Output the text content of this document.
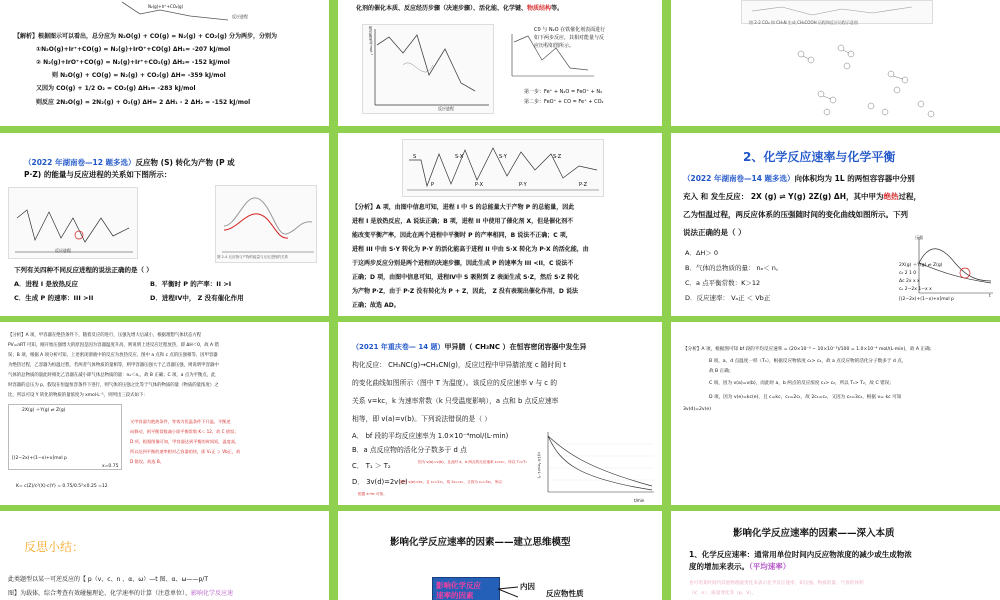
N₂(g)+Ir⁺+CO₂(g)
反应进程
【解析】根据图示可以看出，总分应为 N₂O(g) + CO(g) = N₂(g) + CO₂(g) 分为两步，分别为
①N₂O(g)+Ir⁺+CO(g) = N₂(g)+IrO⁺+CO(g) ΔH₁= -207 kJ/mol
② N₂(g)+IrO⁺+CO(g) = N₂(g)+Ir⁺+CO₂(g) ΔH₂= -152 kJ/mol
则 N₂O(g) + CO(g) = N₂(g) + CO₂(g) ΔH= -359 kJ/mol
又因为 CO(g) + 1/2 O₂ = CO₂(g) ΔH₃= -283 kJ/mol
则反应 2N₂O(g) = 2N₂(g) + O₂(g) ΔH= 2 ΔH₁ - 2 ΔH₂ = -152 kJ/mol
化剂的催化本质、反应经历步骤（决速步骤）、活化能、化学键、物质结构等。
相对能量/kJ·mol⁻¹
反应进程
C0 与 N₂O 在铁催化剂表面进行
如下两步反应，其相对能量与反
应历程如图所示。
第一步：Fe⁺ + N₂O = FeO⁺ + N₂
第二步：FeO⁺ + CO = Fe⁺ + CO₂
图 2-2 CO₂ 和 CH₃N 生成 CH₃COOH 历程和反应历程示意图
（2022 年湖南卷—12 题多选）反应物 (S) 转化为产物 (P 或
P·Z) 的能量与反应进程的关系如下图所示：
反应进程
图 2-4 反应物与产物的能量与反应进程的关系
下列有关四种不同反应进程的说法正确的是（ ）
A．进程 I 是放热反应	B．平衡时 P 的产率：II >I
C．生成 P 的速率：III >II	D．进程IV中， Z 没有催化作用
S
P
S·X
P·X
S·Y
P·Y
S·Z
P·Z
【分析】A 项，由图中信息可知，进程 I 中 S 的总能量大于产物 P 的总能量，因此
进程 I 是放热反应，A 说法正确；B 项，进程 II 中使用了催化剂 X，但是催化剂不
能改变平衡产率，因此在两个进程中平衡时 P 的产率相同，B 说法不正确；C 项，
进程 III 中由 S·Y 转化为 P·Y 的活化能高于进程 II 中由 S·X 转化为 P·X 的活化能，由
于这两步反应分别是两个进程的决速步骤，因此生成 P 的速率为 III <II，C 说法不
正确；D 项，由图中信息可知，进程IV中 S 吸附到 Z 表面生成 S·Z，然后 S·Z 转化
为产物 P·Z，由于 P·Z 没有转化为 P + Z，因此， Z 没有表现出催化作用，D 说法
正确；故选 AD。
2、化学反应速率与化学平衡
（2022 年湖南卷—14 题多选）向体积均为 1L 的两恒容容器中分别
充入 和 发生反应： 2X (g) ⇌ Y(g) 2Z(g) ΔH，其中甲为绝热过程，
乙为恒温过程，两反应体系的压强随时间的变化曲线如图所示。下列
说法正确的是（ ）
A．ΔH＞ 0
B．气体的总物质的量： nₐ＜ n꜀
C．a 点平衡常数：K＞12
D．反应速率： Vₐ正 ＜ Vb正
压强
t
2X(g) ＋Y(g) ⇌ Z(g)
c₀ 2 1 0
Δc 2x x x
cₑ 2−2x 1−x x
[(2−2x)+(1−x)+x]mol p
【分析】A 项，甲容器在绝热条件下，随着反应的进行，压强先增大后减小，根据理想气体状态方程
PV=nRT 可知，刚开始压强增大的原因是因为容器温度升高，则说明上述反应过程放热，即 ΔH＜0，故 A 错
误；B 项，根据 A 项分析可知，上述密闭溶液中的反应为放热反应，图中 a 点和 c 点的压强相等，因甲容器
为绝热过程，乙容器为恒温过程，若两者气体物质的量相等，则甲容器压强大于乙容器压强，则说明甲容器中
气体的总物质的量此时相比乙容器在减小即气体总物质的量：nₐ＜n꜀，故 B 正确；C 项，a 点为平衡点，此
时容器的总压为 p，假设在恒温恒容条件下进行，则气体的压强之比等于气体的物质的量（物质的量浓度）之
比，所以可设 Y 转化的物质的量浓度为 xmol·L⁻¹，则列出三段式如下：
2X(g) ＋Y(g) ⇌ Z(g)
[(2−2x)+(1−x)+x]mol p
x=0.75
K= c(Z)/c²(X)·c(Y) = 0.75/0.5²×0.25 =12
又甲容器为绝热条件，等效为恒温条件下升温，平衡逆
向移动，则平衡常数减小即平衡常数 K＜ 12，故 C 错误；
D 项，根据图像可知，甲容器达到平衡的时间短，温度高，
所以达到平衡的速率相对乙容器的快，即 Vₐ正 ＞ Vb正，故
D 错误。故选 B。
（2021 年重庆卷— 14 题）甲异腈（ CH₃NC ）在恒容密闭容器中发生异
构化反应： CH₃NC(g)→CH₃CN(g)，反应过程中甲异腈浓度 c 随时间 t
的变化曲线如图所示（图中 T 为温度）。该反应的反应速率 v 与 c 的
关系 v=kc，k 为速率常数（k 只受温度影响），a 点和 b 点反应速率
相等，即 v(a)=v(b)。下列说法错误的是（ ）
A． bf 段的平均反应速率为 1.0×10⁻⁴mol/(L·min)
B．a 点反应物的活化分子数多于 d 点
C． T₁ ＞ T₂	因为 v(a)=v(b)，且此时 a，b 两点的反应速率 c₁>c₂，所以 T₁>T₂
D． 3v(d)=2v(e)
因为 v(e)=kc，且 c₂=2c₁，故 2c₂=c₁，又因为 c₂=3c₂，所以
根据 a→b: 可知，
c/(10⁻³mol·L⁻¹)
t/min
【分析】A 项，根据图可知 bf 段的平均反应速率 = (20×10⁻³ − 10×10⁻³)/100 = 1.0×10⁻⁴ mol/(L·min)，故 A 正确；
B 项，a、d 点温度一样（T₁），根据反应物浓度 c₁> c₂，故 a 点反应物的活化分子数多于 d 点，
故 B 正确；
C 项，因为 v(a)=v(b)，而此时 a，b 两点的反应浓度 c₁> c₂，所以 T₁> T₂，故 C 错误；
D 项，因为 v(e)=kc(e)，且 c=kc，c₂=2c₁，故 2c₁=c₂，又因为 c₂=3c₂，根据 v= kc 可知
3v(d)=2v(e)
反思小结：
此类题型以某一可逆反应的【 p（v、c、n 、α、ω）—t 图、α、ω——p/T
图】为载体，综合考查有效碰撞理论、化学速率的计算（注意单位）、影响化学反应速
影响化学反应速率的因素——建立思维模型
影响化学反应
速率的因素
内因
反应物性质
影响化学反应速率的因素——深入本质
1、化学反应速率：通常用单位时间内反应物浓度的减少或生成物浓
度的增加来表示。（平均速率）
也可用某时间内其他物理量变化来表示化学反应速率，如压强、物质的量、气体的体积
（V、n）、质量变化等（p、V）。
